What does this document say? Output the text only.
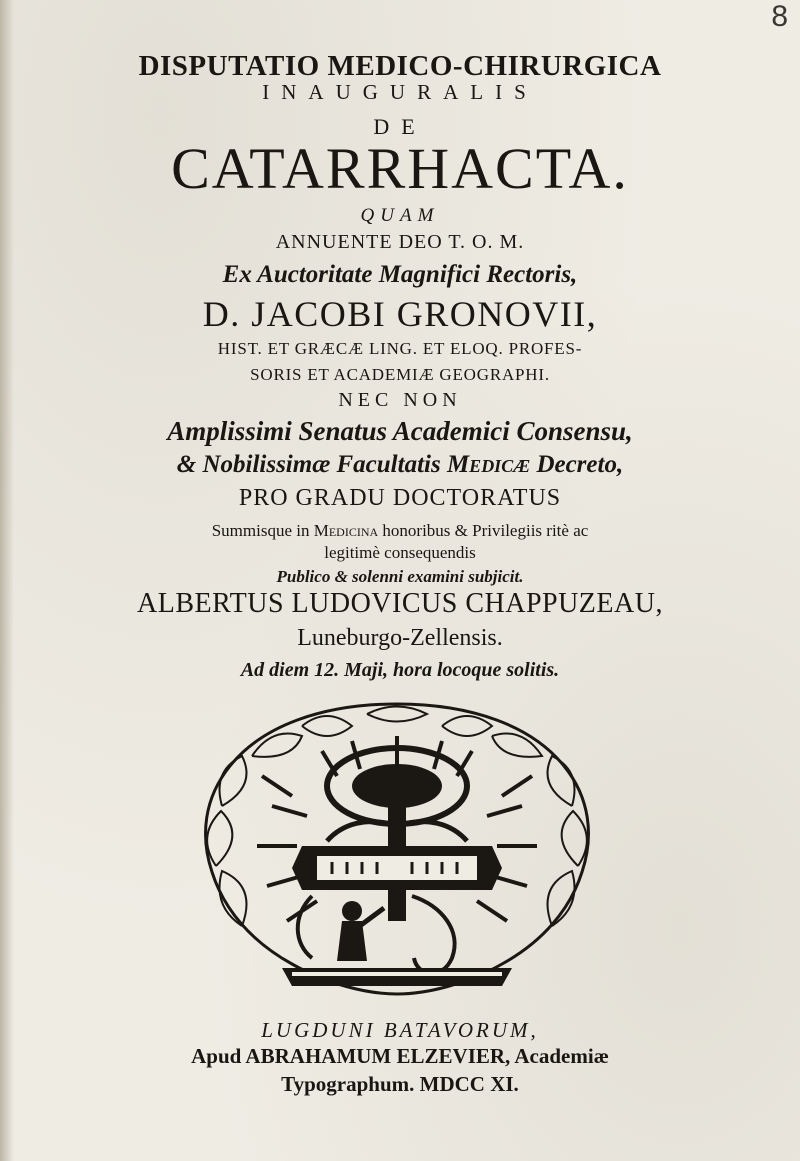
8
DISPUTATIO MEDICO-CHIRURGICA
INAUGURALIS
DE
CATARRHACTA.
QUAM
ANNUENTE DEO T. O. M.
Ex Auctoritate Magnifici Rectoris,
D. JACOBI GRONOVII,
HIST. ET GRÆCÆ LING. ET ELOQ. PROFES-
SORIS ET ACADEMIÆ GEOGRAPHI.
NEC NON
Amplissimi Senatus Academici Consensu,
& Nobilissimæ Facultatis Medicæ Decreto,
PRO GRADU DOCTORATUS
Summisque in Medicina honoribus & Privilegiis ritè ac
legitimè consequendis
Publico & solenni examini subjicit.
ALBERTUS LUDOVICUS CHAPPUZEAU,
Luneburgo-Zellensis.
Ad diem 12. Maji, hora locoque solitis.
LUGDUNI BATAVORUM,
Apud ABRAHAMUM ELZEVIER, Academiæ
Typographum. MDCC XI.
